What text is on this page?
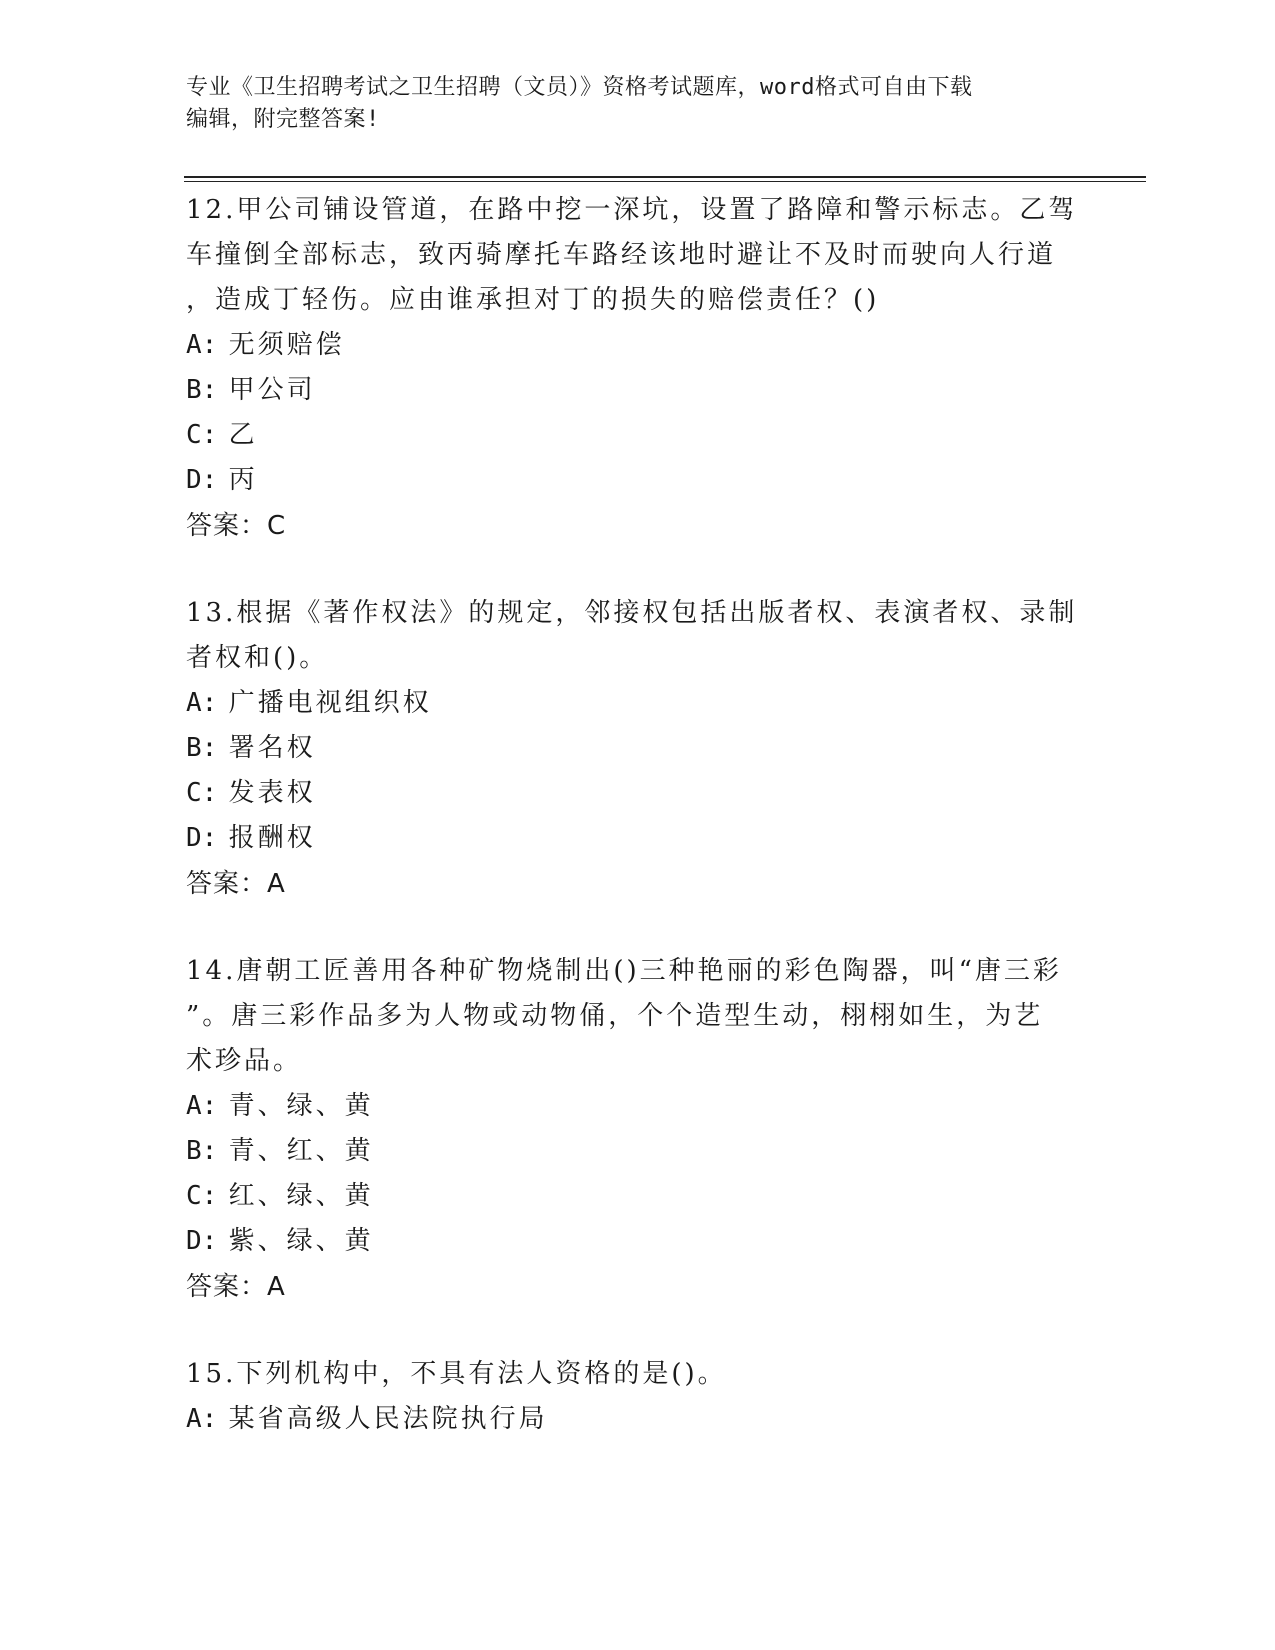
专业《卫生招聘考试之卫生招聘（文员）》资格考试题库，word格式可自由下载
编辑，附完整答案!

12.甲公司铺设管道，在路中挖一深坑，设置了路障和警示标志。乙驾

车撞倒全部标志，致丙骑摩托车路经该地时避让不及时而驶向人行道

，造成丁轻伤。应由谁承担对丁的损失的赔偿责任？()

A: 无须赔偿

B: 甲公司

C: 乙

D: 丙

答案：C

13.根据《著作权法》的规定，邻接权包括出版者权、表演者权、录制

者权和()。

A: 广播电视组织权

B: 署名权

C: 发表权

D: 报酬权

答案：A

14.唐朝工匠善用各种矿物烧制出()三种艳丽的彩色陶器，叫“唐三彩

”。唐三彩作品多为人物或动物俑，个个造型生动，栩栩如生，为艺

术珍品。

A: 青、绿、黄

B: 青、红、黄

C: 红、绿、黄

D: 紫、绿、黄

答案：A

15.下列机构中，不具有法人资格的是()。

A: 某省高级人民法院执行局
